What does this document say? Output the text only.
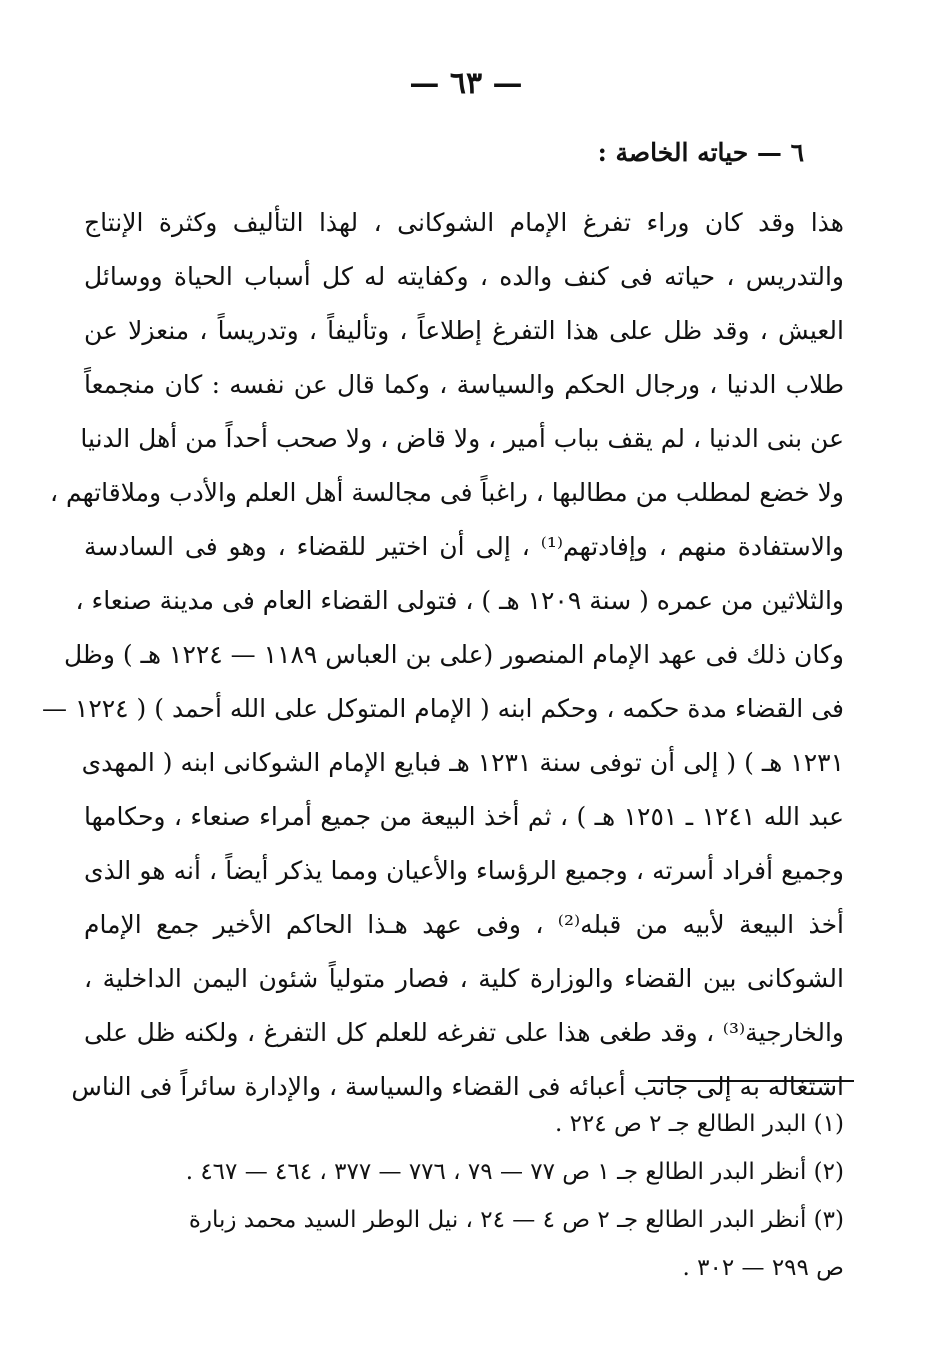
— ٦٣ —
٦ — حياته الخاصة :
هذا وقد كان وراء تفرغ الإمام الشوكانى ، لهذا التأليف وكثرة الإنتاج
والتدريس ، حياته فى كنف والده ، وكفايته له كل أسباب الحياة ووسائل
العيش ، وقد ظل على هذا التفرغ إطلاعاً ، وتأليفاً ، وتدريساً ، منعزلا عن
طلاب الدنيا ، ورجال الحكم والسياسة ، وكما قال عن نفسه : كان منجمعاً
عن بنى الدنيا ، لم يقف بباب أمير ، ولا قاض ، ولا صحب أحداً من أهل الدنيا
ولا خضع لمطلب من مطالبها ، راغباً فى مجالسة أهل العلم والأدب وملاقاتهم ،
والاستفادة منهم ، وإفادتهم⁽¹⁾ ، إلى أن اختير للقضاء ، وهو فى السادسة
والثلاثين من عمره ( سنة ١٢٠٩ هـ ) ، فتولى القضاء العام فى مدينة صنعاء ،
وكان ذلك فى عهد الإمام المنصور (على بن العباس ١١٨٩ — ١٢٢٤ هـ ) وظل
فى القضاء مدة حكمه ، وحكم ابنه ( الإمام المتوكل على الله أحمد ) ( ١٢٢٤ —
١٢٣١ هـ ) ( إلى أن توفى سنة ١٢٣١ هـ فبايع الإمام الشوكانى ابنه ( المهدى
عبد الله ١٢٤١ ـ ١٢٥١ هـ ) ، ثم أخذ البيعة من جميع أمراء صنعاء ، وحكامها
وجميع أفراد أسرته ، وجميع الرؤساء والأعيان ومما يذكر أيضاً ، أنه هو الذى
أخذ البيعة لأبيه من قبله⁽²⁾ ، وفى عهد هـذا الحاكم الأخير جمع الإمام
الشوكانى بين القضاء والوزارة كلية ، فصار متولياً شئون اليمن الداخلية ،
والخارجية⁽³⁾ ، وقد طغى هذا على تفرغه للعلم كل التفرغ ، ولكنه ظل على
اشتغاله به إلى جانب أعبائه فى القضاء والسياسة ، والإدارة سائراً فى الناس
(١) البدر الطالع جـ ٢ ص ٢٢٤ .
(٢) أنظر البدر الطالع جـ ١ ص ٧٧ — ٧٩ ، ٧٧٦ — ٣٧٧ ، ٤٦٤ — ٤٦٧ .
(٣) أنظر البدر الطالع جـ ٢ ص ٤ — ٢٤ ، نيل الوطر السيد محمد زبارة
ص ٢٩٩ — ٣٠٢ .
